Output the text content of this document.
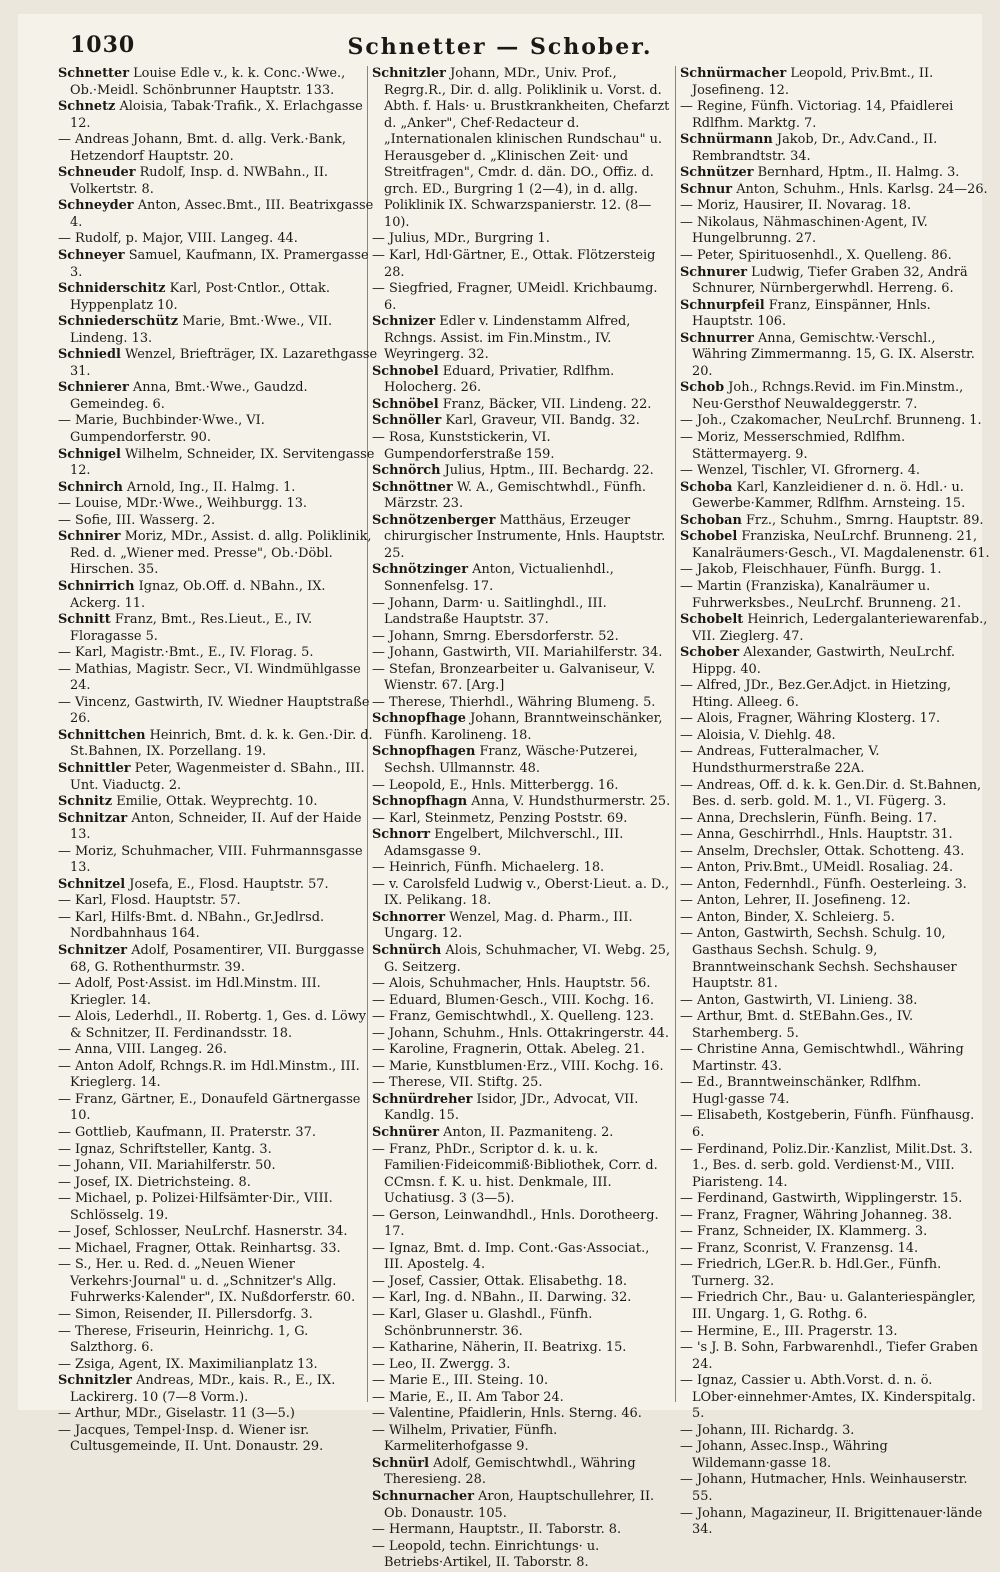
1030	Schnetter — Schober.

Schnetter Louise Edle v., k. k. Conc.·Wwe., Ob.·Meidl. Schönbrunner Hauptstr. 133.

Schnetz Aloisia, Tabak·Trafik., X. Erlachgasse 12.

— Andreas Johann, Bmt. d. allg. Verk.·Bank, Hetzendorf Hauptstr. 20.

Schneuder Rudolf, Insp. d. NWBahn., II. Volkertstr. 8.

Schneyder Anton, Assec.Bmt., III. Beatrixgasse 4.

— Rudolf, p. Major, VIII. Langeg. 44.

Schneyer Samuel, Kaufmann, IX. Pramergasse 3.

Schniderschitz Karl, Post·Cntlor., Ottak. Hyppenplatz 10.

Schniederschütz Marie, Bmt.·Wwe., VII. Lindeng. 13.

Schniedl Wenzel, Briefträger, IX. Lazarethgasse 31.

Schnierer Anna, Bmt.·Wwe., Gaudzd. Gemeindeg. 6.

— Marie, Buchbinder·Wwe., VI. Gumpendorferstr. 90.

Schnigel Wilhelm, Schneider, IX. Servitengasse 12.

Schnirch Arnold, Ing., II. Halmg. 1.

— Louise, MDr.·Wwe., Weihburgg. 13.

— Sofie, III. Wasserg. 2.

Schnirer Moriz, MDr., Assist. d. allg. Poliklinik, Red. d. „Wiener med. Presse", Ob.·Döbl. Hirschen. 35.

Schnirrich Ignaz, Ob.Off. d. NBahn., IX. Ackerg. 11.

Schnitt Franz, Bmt., Res.Lieut., E., IV. Floragasse 5.

— Karl, Magistr.·Bmt., E., IV. Florag. 5.

— Mathias, Magistr. Secr., VI. Windmühlgasse 24.

— Vincenz, Gastwirth, IV. Wiedner Hauptstraße 26.

Schnittchen Heinrich, Bmt. d. k. k. Gen.·Dir. d. St.Bahnen, IX. Porzellang. 19.

Schnittler Peter, Wagenmeister d. SBahn., III. Unt. Viaductg. 2.

Schnitz Emilie, Ottak. Weyprechtg. 10.

Schnitzar Anton, Schneider, II. Auf der Haide 13.

— Moriz, Schuhmacher, VIII. Fuhrmannsgasse 13.

Schnitzel Josefa, E., Flosd. Hauptstr. 57.

— Karl, Flosd. Hauptstr. 57.

— Karl, Hilfs·Bmt. d. NBahn., Gr.Jedlrsd. Nordbahnhaus 164.

Schnitzer Adolf, Posamentirer, VII. Burggasse 68, G. Rothenthurmstr. 39.

— Adolf, Post·Assist. im Hdl.Minstm. III. Kriegler. 14.

— Alois, Lederhdl., II. Robertg. 1, Ges. d. Löwy & Schnitzer, II. Ferdinandsstr. 18.

— Anna, VIII. Langeg. 26.

— Anton Adolf, Rchngs.R. im Hdl.Minstm., III. Krieglerg. 14.

— Franz, Gärtner, E., Donaufeld Gärtnergasse 10.

— Gottlieb, Kaufmann, II. Praterstr. 37.

— Ignaz, Schriftsteller, Kantg. 3.

— Johann, VII. Mariahilferstr. 50.

— Josef, IX. Dietrichsteing. 8.

— Michael, p. Polizei·Hilfsämter·Dir., VIII. Schlösselg. 19.

— Josef, Schlosser, NeuLrchf. Hasnerstr. 34.

— Michael, Fragner, Ottak. Reinhartsg. 33.

— S., Her. u. Red. d. „Neuen Wiener Verkehrs·Journal" u. d. „Schnitzer's Allg. Fuhrwerks·Kalender", IX. Nußdorferstr. 60.

— Simon, Reisender, II. Pillersdorfg. 3.

— Therese, Friseurin, Heinrichg. 1, G. Salzthorg. 6.

— Zsiga, Agent, IX. Maximilianplatz 13.

Schnitzler Andreas, MDr., kais. R., E., IX. Lackirerg. 10 (7—8 Vorm.).

— Arthur, MDr., Giselastr. 11 (3—5.)

— Jacques, Tempel·Insp. d. Wiener isr. Cultusgemeinde, II. Unt. Donaustr. 29.

Schnitzler Johann, MDr., Univ. Prof., Regrg.R., Dir. d. allg. Poliklinik u. Vorst. d. Abth. f. Hals· u. Brustkrankheiten, Chefarzt d. „Anker", Chef·Redacteur d. „Internationalen klinischen Rundschau" u. Herausgeber d. „Klinischen Zeit· und Streitfragen", Cmdr. d. dän. DO., Offiz. d. grch. ED., Burgring 1 (2—4), in d. allg. Poliklinik IX. Schwarzspanierstr. 12. (8—10).

— Julius, MDr., Burgring 1.

— Karl, Hdl·Gärtner, E., Ottak. Flötzersteig 28.

— Siegfried, Fragner, UMeidl. Krichbaumg. 6.

Schnizer Edler v. Lindenstamm Alfred, Rchngs. Assist. im Fin.Minstm., IV. Weyringerg. 32.

Schnobel Eduard, Privatier, Rdlfhm. Holocherg. 26.

Schnöbel Franz, Bäcker, VII. Lindeng. 22.

Schnöller Karl, Graveur, VII. Bandg. 32.

— Rosa, Kunststickerin, VI. Gumpendorferstraße 159.

Schnörch Julius, Hptm., III. Bechardg. 22.

Schnöttner W. A., Gemischtwhdl., Fünfh. Märzstr. 23.

Schnötzenberger Matthäus, Erzeuger chirurgischer Instrumente, Hnls. Hauptstr. 25.

Schnötzinger Anton, Victualienhdl., Sonnenfelsg. 17.

— Johann, Darm· u. Saitlinghdl., III. Landstraße Hauptstr. 37.

— Johann, Smrng. Ebersdorferstr. 52.

— Johann, Gastwirth, VII. Mariahilferstr. 34.

— Stefan, Bronzearbeiter u. Galvaniseur, V. Wienstr. 67. [Arg.]

— Therese, Thierhdl., Währing Blumeng. 5.

Schnopfhage Johann, Branntweinschänker, Fünfh. Karolineng. 18.

Schnopfhagen Franz, Wäsche·Putzerei, Sechsh. Ullmannstr. 48.

— Leopold, E., Hnls. Mitterbergg. 16.

Schnopfhagn Anna, V. Hundsthurmerstr. 25.

— Karl, Steinmetz, Penzing Poststr. 69.

Schnorr Engelbert, Milchverschl., III. Adamsgasse 9.

— Heinrich, Fünfh. Michaelerg. 18.

— v. Carolsfeld Ludwig v., Oberst·Lieut. a. D., IX. Pelikang. 18.

Schnorrer Wenzel, Mag. d. Pharm., III. Ungarg. 12.

Schnürch Alois, Schuhmacher, VI. Webg. 25, G. Seitzerg.

— Alois, Schuhmacher, Hnls. Hauptstr. 56.

— Eduard, Blumen·Gesch., VIII. Kochg. 16.

— Franz, Gemischtwhdl., X. Quelleng. 123.

— Johann, Schuhm., Hnls. Ottakringerstr. 44.

— Karoline, Fragnerin, Ottak. Abeleg. 21.

— Marie, Kunstblumen·Erz., VIII. Kochg. 16.

— Therese, VII. Stiftg. 25.

Schnürdreher Isidor, JDr., Advocat, VII. Kandlg. 15.

Schnürer Anton, II. Pazmaniteng. 2.

— Franz, PhDr., Scriptor d. k. u. k. Familien·Fideicommiß·Bibliothek, Corr. d. CCmsn. f. K. u. hist. Denkmale, III. Uchatiusg. 3 (3—5).

— Gerson, Leinwandhdl., Hnls. Dorotheerg. 17.

— Ignaz, Bmt. d. Imp. Cont.·Gas·Associat., III. Apostelg. 4.

— Josef, Cassier, Ottak. Elisabethg. 18.

— Karl, Ing. d. NBahn., II. Darwing. 32.

— Karl, Glaser u. Glashdl., Fünfh. Schönbrunnerstr. 36.

— Katharine, Näherin, II. Beatrixg. 15.

— Leo, II. Zwergg. 3.

— Marie E., III. Steing. 10.

— Marie, E., II. Am Tabor 24.

— Valentine, Pfaidlerin, Hnls. Sterng. 46.

— Wilhelm, Privatier, Fünfh. Karmeliterhofgasse 9.

Schnürl Adolf, Gemischtwhdl., Währing Theresieng. 28.

Schnurnacher Aron, Hauptschullehrer, II. Ob. Donaustr. 105.

— Hermann, Hauptstr., II. Taborstr. 8.

— Leopold, techn. Einrichtungs· u. Betriebs·Artikel, II. Taborstr. 8.

Schnürmacher Leopold, Priv.Bmt., II. Josefineng. 12.

— Regine, Fünfh. Victoriag. 14, Pfaidlerei Rdlfhm. Marktg. 7.

Schnürmann Jakob, Dr., Adv.Cand., II. Rembrandtstr. 34.

Schnützer Bernhard, Hptm., II. Halmg. 3.

Schnur Anton, Schuhm., Hnls. Karlsg. 24—26.

— Moriz, Hausirer, II. Novarag. 18.

— Nikolaus, Nähmaschinen·Agent, IV. Hungelbrunng. 27.

— Peter, Spirituosenhdl., X. Quelleng. 86.

Schnurer Ludwig, Tiefer Graben 32, Andrä Schnurer, Nürnbergerwhdl. Herreng. 6.

Schnurpfeil Franz, Einspänner, Hnls. Hauptstr. 106.

Schnurrer Anna, Gemischtw.·Verschl., Währing Zimmermanng. 15, G. IX. Alserstr. 20.

Schob Joh., Rchngs.Revid. im Fin.Minstm., Neu·Gersthof Neuwaldeggerstr. 7.

— Joh., Czakomacher, NeuLrchf. Brunneng. 1.

— Moriz, Messerschmied, Rdlfhm. Stättermayerg. 9.

— Wenzel, Tischler, VI. Gfrornerg. 4.

Schoba Karl, Kanzleidiener d. n. ö. Hdl.· u. Gewerbe·Kammer, Rdlfhm. Arnsteing. 15.

Schoban Frz., Schuhm., Smrng. Hauptstr. 89.

Schobel Franziska, NeuLrchf. Brunneng. 21, Kanalräumers·Gesch., VI. Magdalenenstr. 61.

— Jakob, Fleischhauer, Fünfh. Burgg. 1.

— Martin (Franziska), Kanalräumer u. Fuhrwerksbes., NeuLrchf. Brunneng. 21.

Schobelt Heinrich, Ledergalanteriewarenfab., VII. Zieglerg. 47.

Schober Alexander, Gastwirth, NeuLrchf. Hippg. 40.

— Alfred, JDr., Bez.Ger.Adjct. in Hietzing, Hting. Alleeg. 6.

— Alois, Fragner, Währing Klosterg. 17.

— Aloisia, V. Diehlg. 48.

— Andreas, Futteralmacher, V. Hundsthurmerstraße 22A.

— Andreas, Off. d. k. k. Gen.Dir. d. St.Bahnen, Bes. d. serb. gold. M. 1., VI. Fügerg. 3.

— Anna, Drechslerin, Fünfh. Being. 17.

— Anna, Geschirrhdl., Hnls. Hauptstr. 31.

— Anselm, Drechsler, Ottak. Schotteng. 43.

— Anton, Priv.Bmt., UMeidl. Rosaliag. 24.

— Anton, Federnhdl., Fünfh. Oesterleing. 3.

— Anton, Lehrer, II. Josefineng. 12.

— Anton, Binder, X. Schleierg. 5.

— Anton, Gastwirth, Sechsh. Schulg. 10, Gasthaus Sechsh. Schulg. 9, Branntweinschank Sechsh. Sechshauser Hauptstr. 81.

— Anton, Gastwirth, VI. Linieng. 38.

— Arthur, Bmt. d. StEBahn.Ges., IV. Starhemberg. 5.

— Christine Anna, Gemischtwhdl., Währing Martinstr. 43.

— Ed., Branntweinschänker, Rdlfhm. Hugl·gasse 74.

— Elisabeth, Kostgeberin, Fünfh. Fünfhausg. 6.

— Ferdinand, Poliz.Dir.·Kanzlist, Milit.Dst. 3. 1., Bes. d. serb. gold. Verdienst·M., VIII. Piaristeng. 14.

— Ferdinand, Gastwirth, Wipplingerstr. 15.

— Franz, Fragner, Währing Johanneg. 38.

— Franz, Schneider, IX. Klammerg. 3.

— Franz, Sconrist, V. Franzensg. 14.

— Friedrich, LGer.R. b. Hdl.Ger., Fünfh. Turnerg. 32.

— Friedrich Chr., Bau· u. Galanteriespängler, III. Ungarg. 1, G. Rothg. 6.

— Hermine, E., III. Pragerstr. 13.

— 's J. B. Sohn, Farbwarenhdl., Tiefer Graben 24.

— Ignaz, Cassier u. Abth.Vorst. d. n. ö. LOber·einnehmer·Amtes, IX. Kinderspitalg. 5.

— Johann, III. Richardg. 3.

— Johann, Assec.Insp., Währing Wildemann·gasse 18.

— Johann, Hutmacher, Hnls. Weinhauserstr. 55.

— Johann, Magazineur, II. Brigittenauer·lände 34.
